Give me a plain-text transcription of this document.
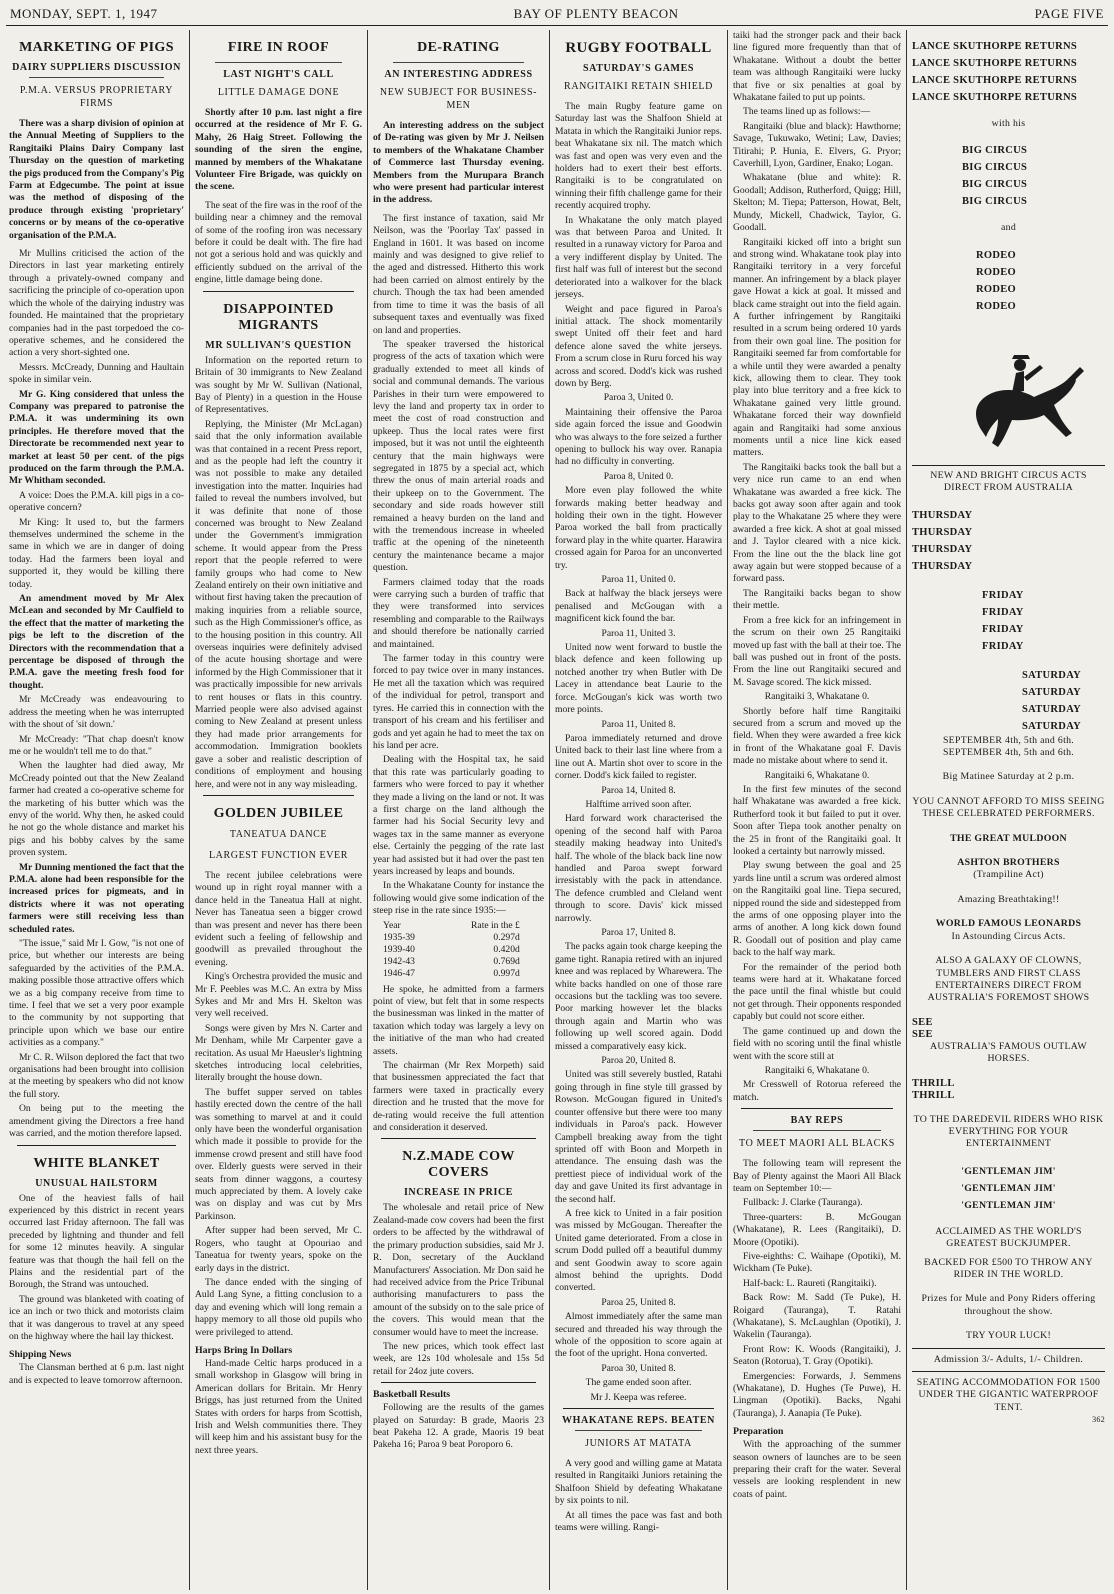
MONDAY, SEPT. 1, 1947	BAY OF PLENTY BEACON	PAGE FIVE
MARKETING OF PIGS
DAIRY SUPPLIERS DISCUSSION
P.M.A. VERSUS PROPRIETARY FIRMS
There was a sharp division of opinion at the Annual Meeting of Suppliers to the Rangitaiki Plains Dairy Company last Thursday on the question of marketing the pigs produced from the Company's Pig Farm at Edgecumbe. The point at issue was the method of disposing of the produce through existing 'proprietary' concerns or by means of the co-operative organisation of the P.M.A.

Mr Mullins criticised the action of the Directors in last year marketing entirely through a privately-owned company and sacrificing the principle of co-operation upon which the whole of the dairying industry was founded. He maintained that the proprietary companies had in the past torpedoed the co-operative schemes, and he considered the action a very short-sighted one.

Messrs. McCready, Dunning and Haultain spoke in similar vein.

Mr G. King considered that unless the Company was prepared to patronise the P.M.A. it was undermining its own principles. He therefore moved that the Directorate be recommended next year to market at least 50 per cent. of the pigs produced on the farm through the P.M.A. Mr Whitham seconded.

A voice: Does the P.M.A. kill pigs in a co-operative concern?

Mr King: It used to, but the farmers themselves undermined the scheme in the same in which we are in danger of doing today. Had the farmers been loyal and supported it, they would be killing there today.

An amendment moved by Mr Alex McLean and seconded by Mr Caulfield to the effect that the matter of marketing the pigs be left to the discretion of the Directors with the recommendation that a percentage be disposed of through the P.M.A. gave the meeting fresh food for thought.

Mr McCready was endeavouring to address the meeting when he was interrupted with the shout of 'sit down.'

Mr McCready: "That chap doesn't know me or he wouldn't tell me to do that."

When the laughter had died away, Mr McCready pointed out that the New Zealand farmer had created a co-operative scheme for the marketing of his butter which was the envy of the world. Why then, he asked could he not go the whole distance and market his pigs and his bobby calves by the same proven system.

Mr Dunning mentioned the fact that the P.M.A. alone had been responsible for the increased prices for pigmeats, and in districts where it was not operating farmers were still receiving less than scheduled rates.

"The issue," said Mr I. Gow, "is not one of price, but whether our interests are being safeguarded by the activities of the P.M.A. making possible those attractive offers which we as a big company receive from time to time. I feel that we set a very poor example to the community by not supporting that principle upon which we base our entire activities as a company."

Mr C. R. Wilson deplored the fact that two organisations had been brought into collision at the meeting by speakers who did not know the full story.

On being put to the meeting the amendment giving the Directors a free hand was carried, and the motion therefore lapsed.

WHITE BLANKET
UNUSUAL HAILSTORM

One of the heaviest falls of hail experienced by this district in recent years occurred last Friday afternoon. The fall was preceded by lightning and thunder and fell for some 12 minutes heavily. A singular feature was that though the hail fell on the Plains and the residential part of the Borough, the Strand was untouched.

The ground was blanketed with coating of ice an inch or two thick and motorists claim that it was dangerous to travel at any speed on the highway where the hail lay thickest.

Shipping News

The Clansman berthed at 6 p.m. last night and is expected to leave tomorrow afternoon.

FIRE IN ROOF
LAST NIGHT'S CALL
LITTLE DAMAGE DONE
Shortly after 10 p.m. last night a fire occurred at the residence of Mr F. G. Mahy, 26 Haig Street. Following the sounding of the siren the engine, manned by members of the Whakatane Volunteer Fire Brigade, was quickly on the scene.

The seat of the fire was in the roof of the building near a chimney and the removal of some of the roofing iron was necessary before it could be dealt with. The fire had not got a serious hold and was quickly and efficiently subdued on the arrival of the engine, little damage being done.

DISAPPOINTED MIGRANTS
MR SULLIVAN'S QUESTION

Information on the reported return to Britain of 30 immigrants to New Zealand was sought by Mr W. Sullivan (National, Bay of Plenty) in a question in the House of Representatives.

Replying, the Minister (Mr McLagan) said that the only information available was that contained in a recent Press report, and as the people had left the country it was not possible to make any detailed investigation into the matter. Inquiries had failed to reveal the numbers involved, but it was definite that none of those concerned was brought to New Zealand under the Government's immigration scheme. It would appear from the Press report that the people referred to were family groups who had come to New Zealand entirely on their own initiative and without first having taken the precaution of making inquiries from a reliable source, such as the High Commissioner's office, as to the housing position in this country. All overseas inquiries were definitely advised of the acute housing shortage and were informed by the High Commissioner that it was practically impossible for new arrivals to rent houses or flats in this country. Married people were also advised against coming to New Zealand at present unless they had made prior arrangements for accommodation. Immigration booklets gave a sober and realistic description of conditions of employment and housing here, and were not in any way misleading.

GOLDEN JUBILEE
TANEATUA DANCE
LARGEST FUNCTION EVER

The recent jubilee celebrations were wound up in right royal manner with a dance held in the Taneatua Hall at night. Never has Taneatua seen a bigger crowd than was present and never has there been evident such a feeling of fellowship and goodwill as prevailed throughout the evening.

King's Orchestra provided the music and Mr F. Peebles was M.C. An extra by Miss Sykes and Mr and Mrs H. Skelton was very well received.

Songs were given by Mrs N. Carter and Mr Denham, while Mr Carpenter gave a recitation. As usual Mr Haeusler's lightning sketches introducing local celebrities, literally brought the house down.

The buffet supper served on tables hastily erected down the centre of the hall was something to marvel at and it could only have been the wonderful organisation which made it possible to provide for the immense crowd present and still have food over. Elderly guests were served in their seats from dinner waggons, a courtesy much appreciated by them. A lovely cake was on display and was cut by Mrs Parkinson.

After supper had been served, Mr C. Rogers, who taught at Opouriao and Taneatua for twenty years, spoke on the early days in the district.

The dance ended with the singing of Auld Lang Syne, a fitting conclusion to a day and evening which will long remain a happy memory to all those old pupils who were privileged to attend.

Harps Bring In Dollars

Hand-made Celtic harps produced in a small workshop in Glasgow will bring in American dollars for Britain. Mr Henry Briggs, has just returned from the United States with orders for harps from Scottish, Irish and Welsh communities there. They will keep him and his assistant busy for the next three years.

DE-RATING
AN INTERESTING ADDRESS
NEW SUBJECT FOR BUSINESS-MEN
An interesting address on the subject of De-rating was given by Mr J. Neilsen to members of the Whakatane Chamber of Commerce last Thursday evening. Members from the Murupara Branch who were present had particular interest in the address.

The first instance of taxation, said Mr Neilson, was the 'Poorlay Tax' passed in England in 1601. It was based on income mainly and was designed to give relief to the aged and distressed. Hitherto this work had been carried on almost entirely by the church. Though the tax had been amended from time to time it was the basis of all subsequent taxes and eventually was fixed on land and properties.

The speaker traversed the historical progress of the acts of taxation which were gradually extended to meet all kinds of social and communal demands. The various Parishes in their turn were empowered to levy the land and property tax in order to meet the cost of road construction and upkeep. Thus the local rates were first imposed, but it was not until the eighteenth century that the main highways were segregated in 1875 by a special act, which threw the onus of main arterial roads and their upkeep on to the Government. The secondary and side roads however still remained a heavy burden on the land and with the tremendous increase in wheeled traffic at the opening of the nineteenth century the maintenance became a major question.

Farmers claimed today that the roads were carrying such a burden of traffic that they were transformed into services resembling and comparable to the Railways and should therefore be nationally carried and maintained.

The farmer today in this country were forced to pay twice over in many instances. He met all the taxation which was required of the individual for petrol, transport and tyres. He carried this in connection with the transport of his cream and his fertiliser and gods and yet again he had to meet the tax on his land per acre.

Dealing with the Hospital tax, he said that this rate was particularly goading to farmers who were forced to pay it whether they made a living on the land or not. It was a first charge on the land although the farmer had his Social Security levy and wages tax in the same manner as everyone else. Certainly the pegging of the rate last year had assisted but it had over the past ten years increased by leaps and bounds.

In the Whakatane County for instance the following would give some indication of the steep rise in the rate since 1935:—

Year	Rate in the £
1935-39	0.297d
1939-40	0.420d
1942-43	0.769d
1946-47	0.997d

He spoke, he admitted from a farmers point of view, but felt that in some respects the businessman was linked in the matter of taxation which today was largely a levy on the initiative of the man who had created assets.

The chairman (Mr Rex Morpeth) said that businessmen appreciated the fact that farmers were taxed in practically every direction and he trusted that the move for de-rating would receive the full attention and consideration it deserved.

N.Z.MADE COW COVERS
INCREASE IN PRICE

The wholesale and retail price of New Zealand-made cow covers had been the first orders to be affected by the withdrawal of the primary production subsidies, said Mr J. R. Don, secretary of the Auckland Manufacturers' Association. Mr Don said he had received advice from the Price Tribunal authorising manufacturers to pass the amount of the subsidy on to the sale price of the covers. This would mean that the consumer would have to meet the increase.

The new prices, which took effect last week, are 12s 10d wholesale and 15s 5d retail for 24oz jute covers.

Basketball Results

Following are the results of the games played on Saturday: B grade, Maoris 23 beat Pakeha 12. A grade, Maoris 19 beat Pakeha 16; Paroa 9 beat Poroporo 6.

RUGBY FOOTBALL
SATURDAY'S GAMES
RANGITAIKI RETAIN SHIELD

The main Rugby feature game on Saturday last was the Shalfoon Shield at Matata in which the Rangitaiki Junior reps. beat Whakatane six nil. The match which was fast and open was very even and the holders had to exert their best efforts. Rangitaiki is to be congratulated on winning their fifth challenge game for their recently acquired trophy.

In Whakatane the only match played was that between Paroa and United. It resulted in a runaway victory for Paroa and a very indifferent display by United. The first half was full of interest but the second deteriorated into a walkover for the black jerseys.

Weight and pace figured in Paroa's initial attack. The shock momentarily swept United off their feet and hard defence alone saved the white jerseys. From a scrum close in Ruru forced his way across and scored. Dodd's kick was rushed down by Berg.

Paroa 3, United 0.

Maintaining their offensive the Paroa side again forced the issue and Goodwin who was always to the fore seized a further opening to bullock his way over. Ranapia had no difficulty in converting.

Paroa 8, United 0.

More even play followed the white forwards making better headway and holding their own in the tight. However Paroa worked the ball from practically forward play in the white quarter. Harawira crossed again for Paroa for an unconverted try.

Paroa 11, United 0.

Back at halfway the black jerseys were penalised and McGougan with a magnificent kick found the bar.

Paroa 11, United 3.

United now went forward to bustle the black defence and keen following up notched another try when Butler with De Lacey in attendance beat Laurie to the force. McGougan's kick was worth two more points.

Paroa 11, United 8.

Paroa immediately returned and drove United back to their last line where from a line out A. Martin shot over to score in the corner. Dodd's kick failed to register.

Paroa 14, United 8.
Halftime arrived soon after.

Hard forward work characterised the opening of the second half with Paroa steadily making headway into United's half. The whole of the black back line now handled and Paroa swept forward irresistably with the pack in attendance. The defence crumbled and Cleland went through to score. Davis' kick missed narrowly.

Paroa 17, United 8.

The packs again took charge keeping the game tight. Ranapia retired with an injured knee and was replaced by Wharewera. The white backs handled on one of those rare occasions but the tackling was too severe. Poor marking however let the blacks through again and Martin who was following up well scored again. Dodd missed a comparatively easy kick.

Paroa 20, United 8.

United was still severely bustled, Ratahi going through in fine style till grassed by Rowson. McGougan figured in United's counter offensive but there were too many individuals in Paroa's pack. However Campbell breaking away from the tight sprinted off with Boon and Morpeth in attendance. The ensuing dash was the prettiest piece of individual work of the day and gave United its first advantage in the second half.

A free kick to United in a fair position was missed by McGougan. Thereafter the United game deteriorated. From a close in scrum Dodd pulled off a beautiful dummy and sent Goodwin away to score again almost behind the uprights. Dodd converted.

Paroa 25, United 8.

Almost immediately after the same man secured and threaded his way through the whole of the opposition to score again at the foot of the upright. Hona converted.

Paroa 30, United 8.
The game ended soon after.
Mr J. Keepa was referee.
WHAKATANE REPS. BEATEN
JUNIORS AT MATATA

A very good and willing game at Matata resulted in Rangitaiki Juniors retaining the Shalfoon Shield by defeating Whakatane by six points to nil.

At all times the pace was fast and both teams were willing. Rangi-

taiki had the stronger pack and their back line figured more frequently than that of Whakatane. Without a doubt the better team was although Rangitaiki were lucky that five or six penalties at goal by Whakatane failed to put up points.

The teams lined up as follows:—

Rangitaiki (blue and black): Hawthorne; Savage, Tukuwako, Wetini; Law, Davies; Titirahi; P. Hunia, E. Elvers, G. Pryor; Caverhill, Lyon, Gardiner, Enako; Logan.

Whakatane (blue and white): R. Goodall; Addison, Rutherford, Quigg; Hill, Skelton; M. Tiepa; Patterson, Howat, Belt, Mundy, Mickell, Chadwick, Taylor, G. Goodall.

Rangitaiki kicked off into a bright sun and strong wind. Whakatane took play into Rangitaiki territory in a very forceful manner. An infringement by a black player gave Howat a kick at goal. It missed and black came straight out into the field again. A further infringement by Rangitaiki resulted in a scrum being ordered 10 yards from their own goal line. The position for Rangitaiki seemed far from comfortable for a while until they were awarded a penalty kick, allowing them to clear. They took play into blue territory and a free kick to Whakatane gained very little ground. Whakatane forced their way downfield again and Rangitaiki had some anxious moments until a nice line kick eased matters.

The Rangitaiki backs took the ball but a very nice run came to an end when Whakatane was awarded a free kick. The backs got away soon after again and took play to the Whakatane 25 where they were awarded a free kick. A shot at goal missed and J. Taylor cleared with a nice kick. From the line out the the black line got away again but were stopped because of a forward pass.

The Rangitaiki backs began to show their mettle.

From a free kick for an infringement in the scrum on their own 25 Rangitaiki moved up fast with the ball at their toe. The ball was pushed out in front of the posts. From the line out Rangitaiki secured and M. Savage scored. The kick missed.

Rangitaiki 3, Whakatane 0.

Shortly before half time Rangitaiki secured from a scrum and moved up the field. When they were awarded a free kick in front of the Whakatane goal F. Davis made no mistake about where to send it.

Rangitaiki 6, Whakatane 0.

In the first few minutes of the second half Whakatane was awarded a free kick. Rutherford took it but failed to put it over. Soon after Tiepa took another penalty on the 25 in front of the Rangitaiki goal. It looked a certainty but narrowly missed.

Play swung between the goal and 25 yards line until a scrum was ordered almost on the Rangitaiki goal line. Tiepa secured, nipped round the side and sidestepped from the arms of one opposing player into the arms of another. A long kick down found R. Goodall out of position and play came back to the half way mark.

For the remainder of the period both teams were hard at it. Whakatane forced the pace until the final whistle but could not get through. Their opponents responded capably but could not score either.

The game continued up and down the field with no scoring until the final whistle went with the score still at

Rangitaiki 6, Whakatane 0.

Mr Cresswell of Rotorua refereed the match.

BAY REPS
TO MEET MAORI ALL BLACKS

The following team will represent the Bay of Plenty against the Maori All Black team on September 10:—

Fullback: J. Clarke (Tauranga).

Three-quarters: B. McGougan (Whakatane), R. Lees (Rangitaiki), D. Moore (Opotiki).

Five-eighths: C. Waihape (Opotiki), M. Wickham (Te Puke).

Half-back: L. Raureti (Rangitaiki).

Back Row: M. Sadd (Te Puke), H. Roigard (Tauranga), T. Ratahi (Whakatane), S. McLaughlan (Opotiki), J. Wakelin (Tauranga).

Front Row: K. Woods (Rangitaiki), J. Seaton (Rotorua), T. Gray (Opotiki).

Emergencies: Forwards, J. Semmens (Whakatane), D. Hughes (Te Puwe), H. Lingman (Opotiki). Backs, Ngahi (Tauranga), J. Aanapia (Te Puke).

Preparation

With the approaching of the summer season owners of launches are to be seen preparing their craft for the water. Several vessels are looking resplendent in new coats of paint.

LANCE SKUTHORPE RETURNS
LANCE SKUTHORPE RETURNS
LANCE SKUTHORPE RETURNS
LANCE SKUTHORPE RETURNS
with his
BIG CIRCUS
BIG CIRCUS
BIG CIRCUS
BIG CIRCUS
and
RODEO
RODEO
RODEO
RODEO
NEW AND BRIGHT CIRCUS ACTS DIRECT FROM AUSTRALIA
THURSDAY
THURSDAY
THURSDAY
THURSDAY
FRIDAY
FRIDAY
FRIDAY
FRIDAY
SATURDAY
SATURDAY
SATURDAY
SATURDAY
SEPTEMBER 4th, 5th and 6th.
SEPTEMBER 4th, 5th and 6th.
Big Matinee Saturday at 2 p.m.
YOU CANNOT AFFORD TO MISS SEEING THESE CELEBRATED PERFORMERS.
THE GREAT MULDOON
ASHTON BROTHERS
(Trampiline Act)
Amazing Breathtaking!!
WORLD FAMOUS LEONARDS
In Astounding Circus Acts.
ALSO A GALAXY OF CLOWNS, TUMBLERS AND FIRST CLASS ENTERTAINERS DIRECT FROM AUSTRALIA'S FOREMOST SHOWS
SEE
SEE
AUSTRALIA'S FAMOUS OUTLAW HORSES.
THRILL
THRILL
TO THE DAREDEVIL RIDERS WHO RISK EVERYTHING FOR YOUR ENTERTAINMENT
'GENTLEMAN JIM'
'GENTLEMAN JIM'
'GENTLEMAN JIM'
ACCLAIMED AS THE WORLD'S GREATEST BUCKJUMPER.
BACKED FOR £500 TO THROW ANY RIDER IN THE WORLD.
Prizes for Mule and Pony Riders offering throughout the show.
TRY YOUR LUCK!
Admission 3/- Adults, 1/- Children.
SEATING ACCOMMODATION FOR 1500 UNDER THE GIGANTIC WATERPROOF TENT.
362
